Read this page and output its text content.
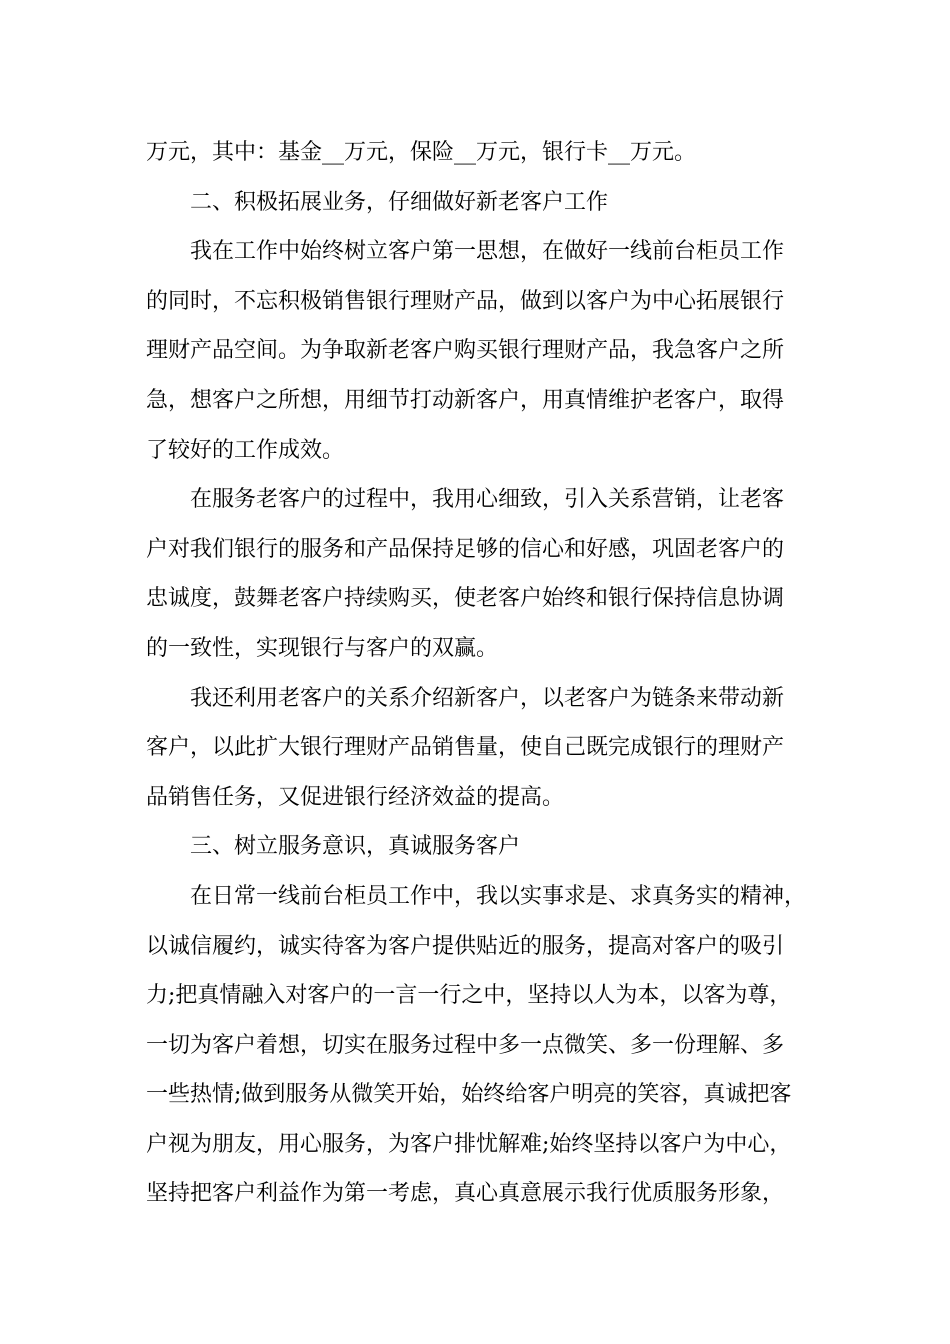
万元，其中：基金__万元，保险__万元，银行卡__万元。
二、积极拓展业务，仔细做好新老客户工作
我在工作中始终树立客户第一思想，在做好一线前台柜员工作
的同时，不忘积极销售银行理财产品，做到以客户为中心拓展银行
理财产品空间。为争取新老客户购买银行理财产品，我急客户之所
急，想客户之所想，用细节打动新客户，用真情维护老客户，取得
了较好的工作成效。
在服务老客户的过程中，我用心细致，引入关系营销，让老客
户对我们银行的服务和产品保持足够的信心和好感，巩固老客户的
忠诚度，鼓舞老客户持续购买，使老客户始终和银行保持信息协调
的一致性，实现银行与客户的双赢。
我还利用老客户的关系介绍新客户，以老客户为链条来带动新
客户，以此扩大银行理财产品销售量，使自己既完成银行的理财产
品销售任务，又促进银行经济效益的提高。
三、树立服务意识，真诚服务客户
在日常一线前台柜员工作中，我以实事求是、求真务实的精神，
以诚信履约，诚实待客为客户提供贴近的服务，提高对客户的吸引
力;把真情融入对客户的一言一行之中，坚持以人为本，以客为尊，
一切为客户着想，切实在服务过程中多一点微笑、多一份理解、多
一些热情;做到服务从微笑开始，始终给客户明亮的笑容，真诚把客
户视为朋友，用心服务，为客户排忧解难;始终坚持以客户为中心，
坚持把客户利益作为第一考虑，真心真意展示我行优质服务形象，
